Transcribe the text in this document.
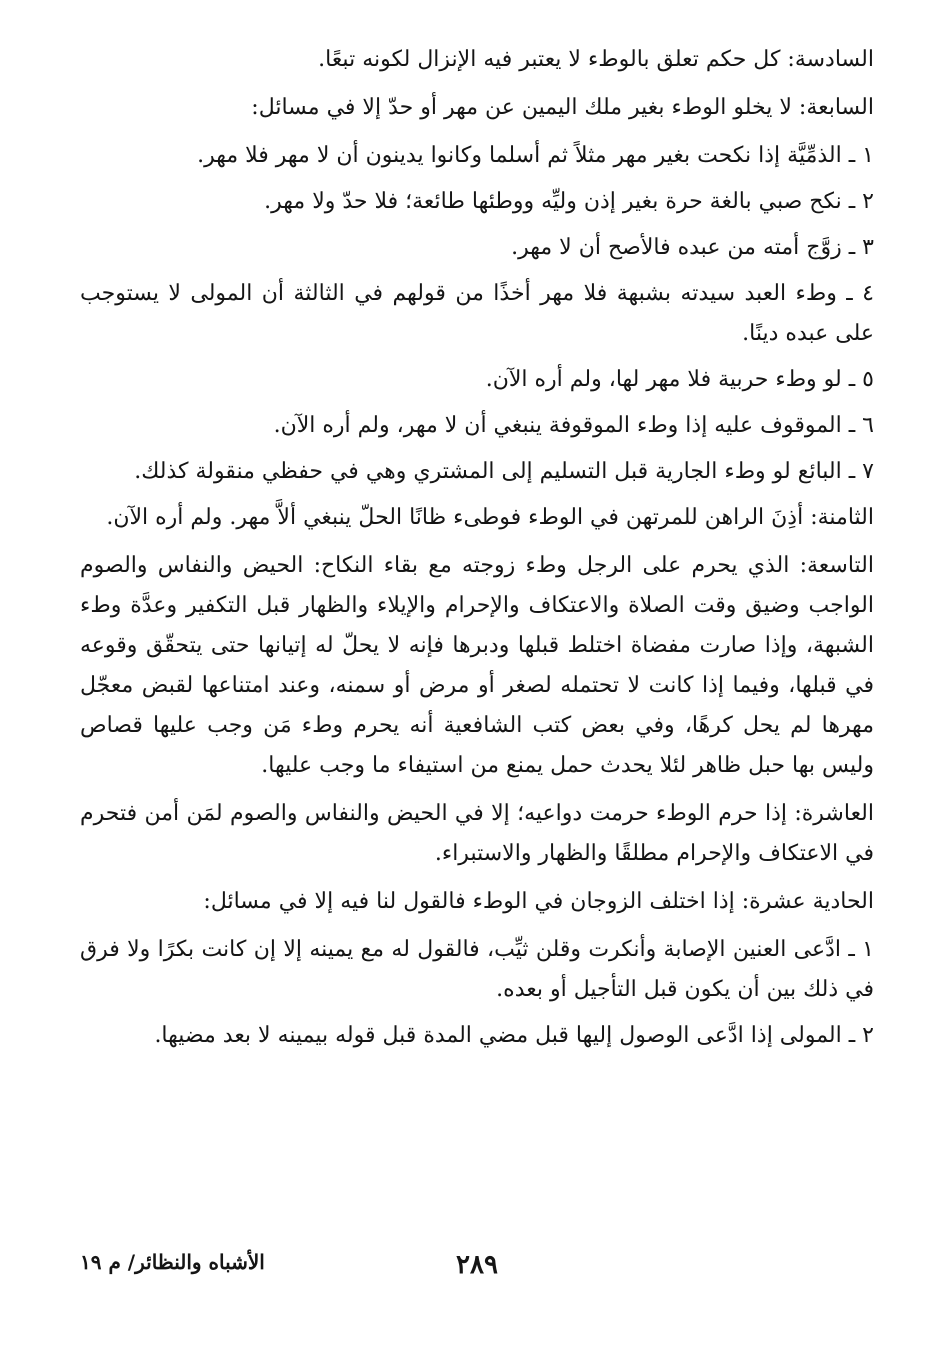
السادسة: كل حكم تعلق بالوطء لا يعتبر فيه الإنزال لكونه تبعًا.

السابعة: لا يخلو الوطء بغير ملك اليمين عن مهر أو حدّ إلا في مسائل:

١ ـ الذمِّيَّة إذا نكحت بغير مهر مثلاً ثم أسلما وكانوا يدينون أن لا مهر فلا مهر.

٢ ـ نكح صبي بالغة حرة بغير إذن وليِّه ووطئها طائعة؛ فلا حدّ ولا مهر.

٣ ـ زوَّج أمته من عبده فالأصح أن لا مهر.

٤ ـ وطء العبد سيدته بشبهة فلا مهر أخذًا من قولهم في الثالثة أن المولى لا يستوجب على عبده دينًا.

٥ ـ لو وطء حربية فلا مهر لها، ولم أره الآن.

٦ ـ الموقوف عليه إذا وطء الموقوفة ينبغي أن لا مهر، ولم أره الآن.

٧ ـ البائع لو وطء الجارية قبل التسليم إلى المشتري وهي في حفظي منقولة كذلك.

الثامنة: أذِنَ الراهن للمرتهن في الوطء فوطىء ظانًا الحلّ ينبغي ألاَّ مهر. ولم أره الآن.

التاسعة: الذي يحرم على الرجل وطء زوجته مع بقاء النكاح: الحيض والنفاس والصوم الواجب وضيق وقت الصلاة والاعتكاف والإحرام والإيلاء والظهار قبل التكفير وعدَّة وطء الشبهة، وإذا صارت مفضاة اختلط قبلها ودبرها فإنه لا يحلّ له إتيانها حتى يتحقّق وقوعه في قبلها، وفيما إذا كانت لا تحتمله لصغر أو مرض أو سمنه، وعند امتناعها لقبض معجّل مهرها لم يحل كرهًا، وفي بعض كتب الشافعية أنه يحرم وطء مَن وجب عليها قصاص وليس بها حبل ظاهر لئلا يحدث حمل يمنع من استيفاء ما وجب عليها.

العاشرة: إذا حرم الوطء حرمت دواعيه؛ إلا في الحيض والنفاس والصوم لمَن أمن فتحرم في الاعتكاف والإحرام مطلقًا والظهار والاستبراء.

الحادية عشرة: إذا اختلف الزوجان في الوطء فالقول لنا فيه إلا في مسائل:

١ ـ ادَّعى العنين الإصابة وأنكرت وقلن ثيِّب، فالقول له مع يمينه إلا إن كانت بكرًا ولا فرق في ذلك بين أن يكون قبل التأجيل أو بعده.

٢ ـ المولى إذا ادَّعى الوصول إليها قبل مضي المدة قبل قوله بيمينه لا بعد مضيها.

٢٨٩
الأشباه والنظائر/ م ١٩
